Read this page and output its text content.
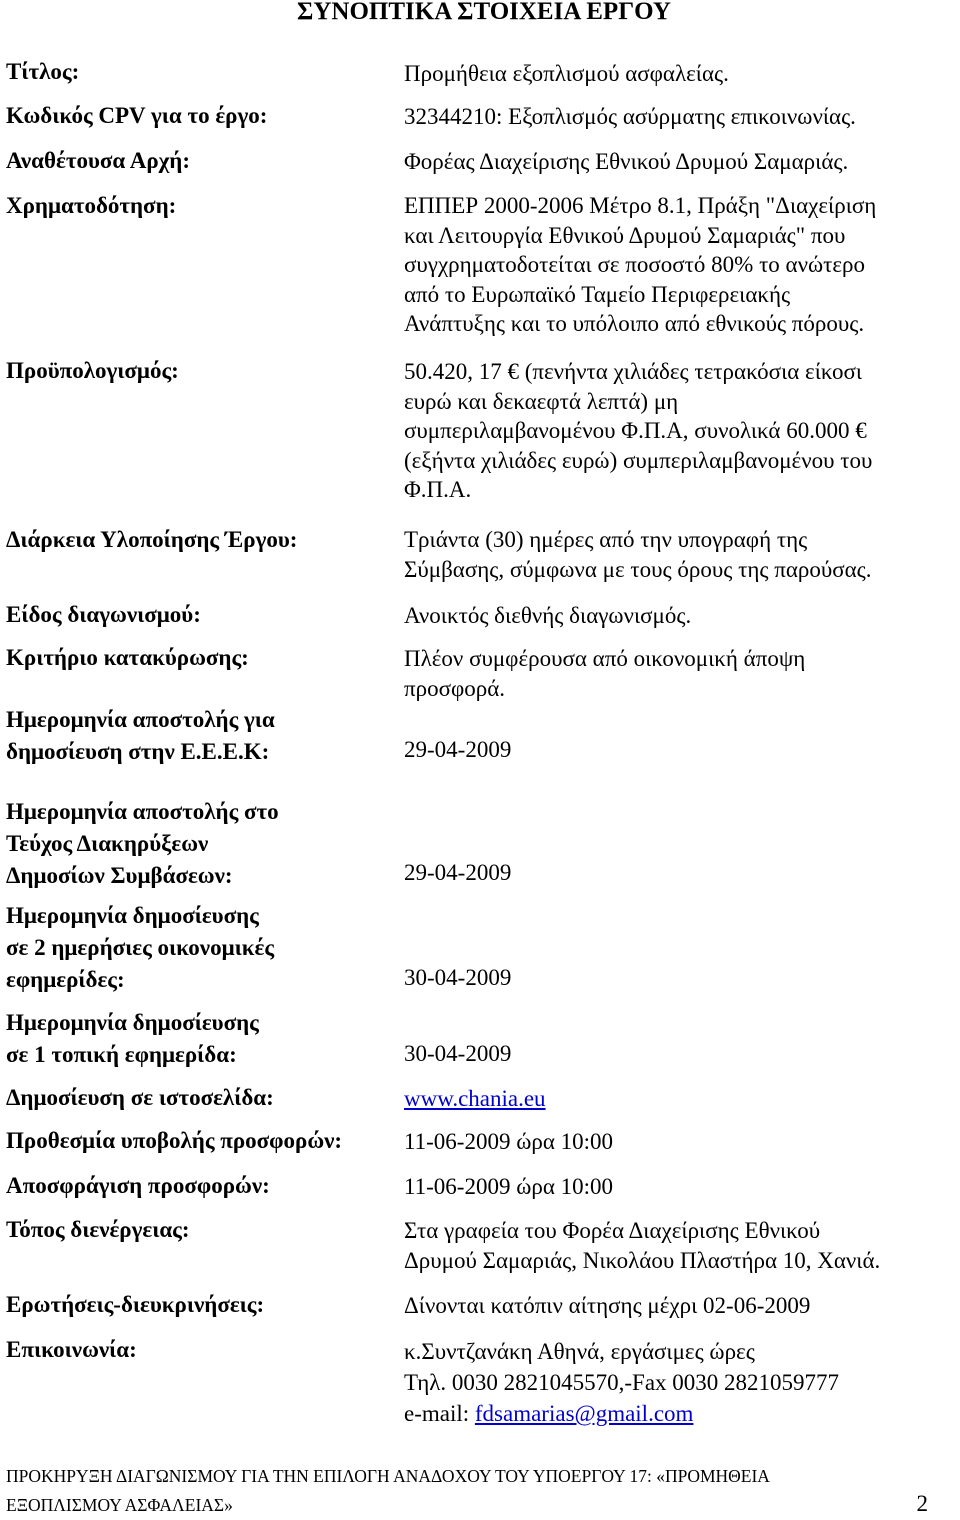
ΣΥΝΟΠΤΙΚΑ ΣΤΟΙΧΕΙΑ ΕΡΓΟΥ
Τίτλος:	Προμήθεια εξοπλισμού ασφαλείας.
Κωδικός CPV για το έργο:	32344210: Εξοπλισμός ασύρματης επικοινωνίας.
Αναθέτουσα Αρχή:	Φορέας Διαχείρισης Εθνικού Δρυμού Σαμαριάς.
Χρηματοδότηση:	ΕΠΠΕΡ 2000-2006 Μέτρο 8.1, Πράξη "Διαχείριση
και Λειτουργία Εθνικού Δρυμού Σαμαριάς" που
συγχρηματοδοτείται σε ποσοστό 80% το ανώτερο
από το Ευρωπαϊκό Ταμείο Περιφερειακής
Ανάπτυξης και το υπόλοιπο από εθνικούς πόρους.
Προϋπολογισμός:	50.420, 17 € (πενήντα χιλιάδες τετρακόσια είκοσι
ευρώ και δεκαεφτά λεπτά) μη
συμπεριλαμβανομένου Φ.Π.Α, συνολικά 60.000 €
(εξήντα χιλιάδες ευρώ) συμπεριλαμβανομένου του
Φ.Π.Α.
Διάρκεια Υλοποίησης Έργου:	Τριάντα (30) ημέρες από την υπογραφή της
Σύμβασης, σύμφωνα με τους όρους της παρούσας.
Είδος διαγωνισμού:	Ανοικτός διεθνής διαγωνισμός.
Κριτήριο κατακύρωσης:	Πλέον συμφέρουσα από οικονομική άποψη
προσφορά.
Ημερομηνία αποστολής για
δημοσίευση στην Ε.Ε.Ε.Κ:	29-04-2009
Ημερομηνία αποστολής στο
Τεύχος Διακηρύξεων
Δημοσίων Συμβάσεων:	29-04-2009
Ημερομηνία δημοσίευσης
σε 2 ημερήσιες οικονομικές
εφημερίδες:	30-04-2009
Ημερομηνία δημοσίευσης
σε 1 τοπική εφημερίδα:	30-04-2009
Δημοσίευση σε ιστοσελίδα:	www.chania.eu
Προθεσμία υποβολής προσφορών:	11-06-2009 ώρα 10:00
Αποσφράγιση προσφορών:	11-06-2009 ώρα 10:00
Τόπος διενέργειας:	Στα γραφεία του Φορέα Διαχείρισης Εθνικού
Δρυμού Σαμαριάς, Νικολάου Πλαστήρα 10, Χανιά.
Ερωτήσεις-διευκρινήσεις:	Δίνονται κατόπιν αίτησης μέχρι 02-06-2009
Επικοινωνία:	κ.Συντζανάκη Αθηνά, εργάσιμες ώρες
Τηλ. 0030 2821045570,-Fax 0030 2821059777
e-mail: fdsamarias@gmail.com
ΠΡΟΚΗΡΥΞΗ ΔΙΑΓΩΝΙΣΜΟΥ ΓΙΑ ΤΗΝ ΕΠΙΛΟΓΗ ΑΝΑΔΟΧΟΥ ΤΟΥ ΥΠΟΕΡΓΟΥ 17: «ΠΡΟΜΗΘΕΙΑ
ΕΞΟΠΛΙΣΜΟΥ ΑΣΦΑΛΕΙΑΣ»	2
